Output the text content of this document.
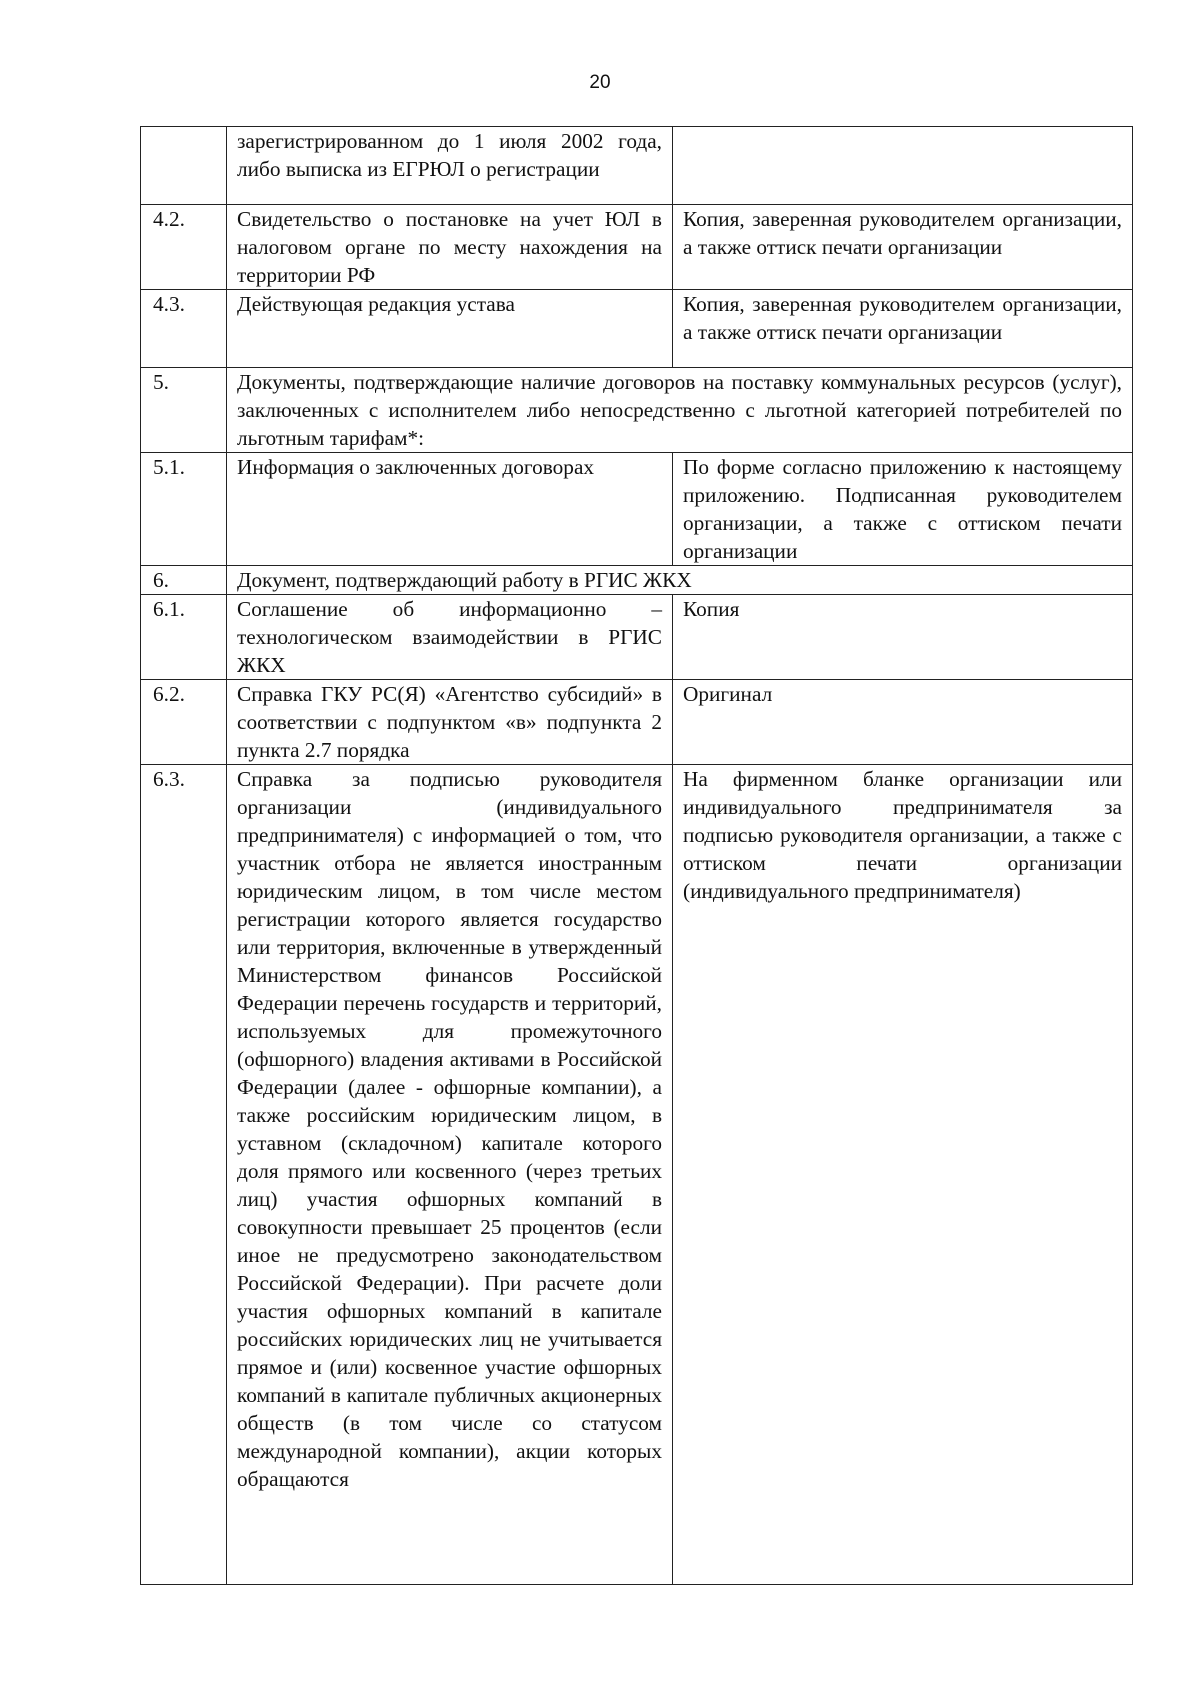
20
	зарегистрированном до 1 июля 2002 года, либо выписка из ЕГРЮЛ о регистрации	
4.2.	Свидетельство о постановке на учет ЮЛ в налоговом органе по месту нахождения на территории РФ	Копия, заверенная руководителем организации, а также оттиск печати организации
4.3.	Действующая редакция устава	Копия, заверенная руководителем организации, а также оттиск печати организации
5.	Документы, подтверждающие наличие договоров на поставку коммунальных ресурсов (услуг), заключенных с исполнителем либо непосредственно с льготной категорией потребителей по льготным тарифам*:	
5.1.	Информация о заключенных договорах	По форме согласно приложению к настоящему приложению. Подписанная руководителем организации, а также с оттиском печати организации
6.	Документ, подтверждающий работу в РГИС ЖКХ	
6.1.	Соглашение об информационно – технологическом взаимодействии в РГИС ЖКХ	Копия
6.2.	Справка ГКУ РС(Я) «Агентство субсидий» в соответствии с подпунктом «в» подпункта 2 пункта 2.7 порядка	Оригинал
6.3.	Справка за подписью руководителя организации (индивидуального предпринимателя) с информацией о том, что участник отбора не является иностранным юридическим лицом, в том числе местом регистрации которого является государство или территория, включенные в утвержденный Министерством финансов Российской Федерации перечень государств и территорий, используемых для промежуточного (офшорного) владения активами в Российской Федерации (далее - офшорные компании), а также российским юридическим лицом, в уставном (складочном) капитале которого доля прямого или косвенного (через третьих лиц) участия офшорных компаний в совокупности превышает 25 процентов (если иное не предусмотрено законодательством Российской Федерации). При расчете доли участия офшорных компаний в капитале российских юридических лиц не учитывается прямое и (или) косвенное участие офшорных компаний в капитале публичных акционерных обществ (в том числе со статусом международной компании), акции которых обращаются	На фирменном бланке организации или индивидуального предпринимателя за подписью руководителя организации, а также с оттиском печати организации (индивидуального предпринимателя)
